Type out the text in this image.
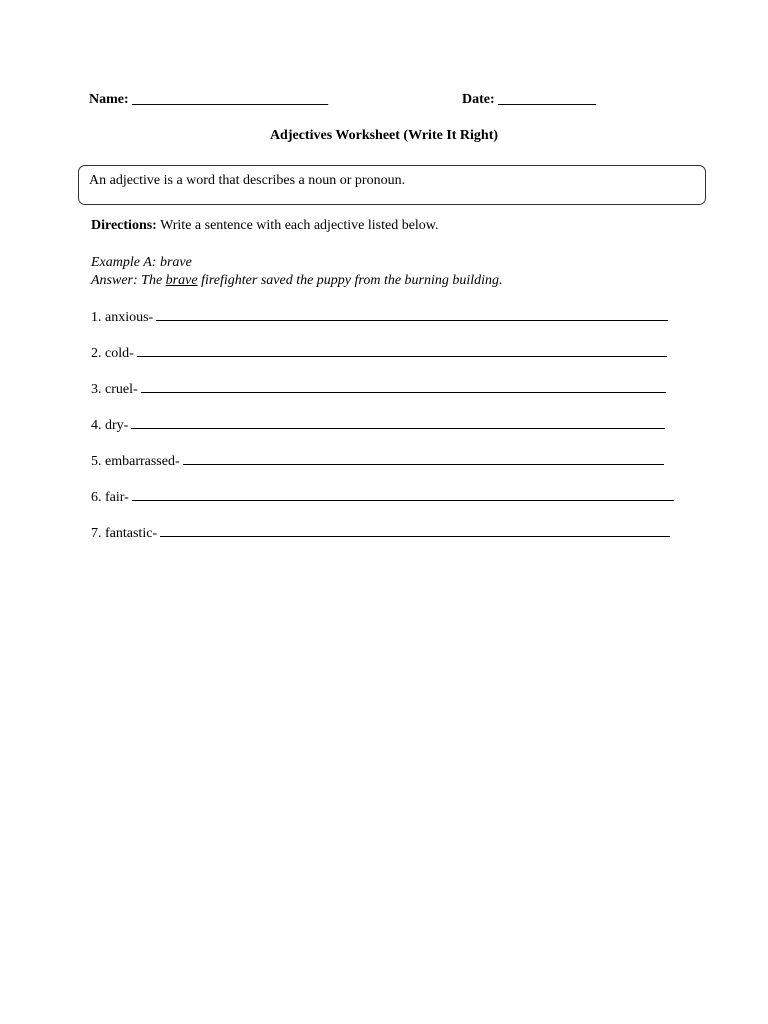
Name: ____________________________	Date: ______________
Adjectives Worksheet (Write It Right)
An adjective is a word that describes a noun or pronoun.
Directions: Write a sentence with each adjective listed below.
Example A: brave
Answer: The brave firefighter saved the puppy from the burning building.
1. anxious-
2. cold-
3. cruel-
4. dry-
5. embarrassed-
6. fair-
7. fantastic-
